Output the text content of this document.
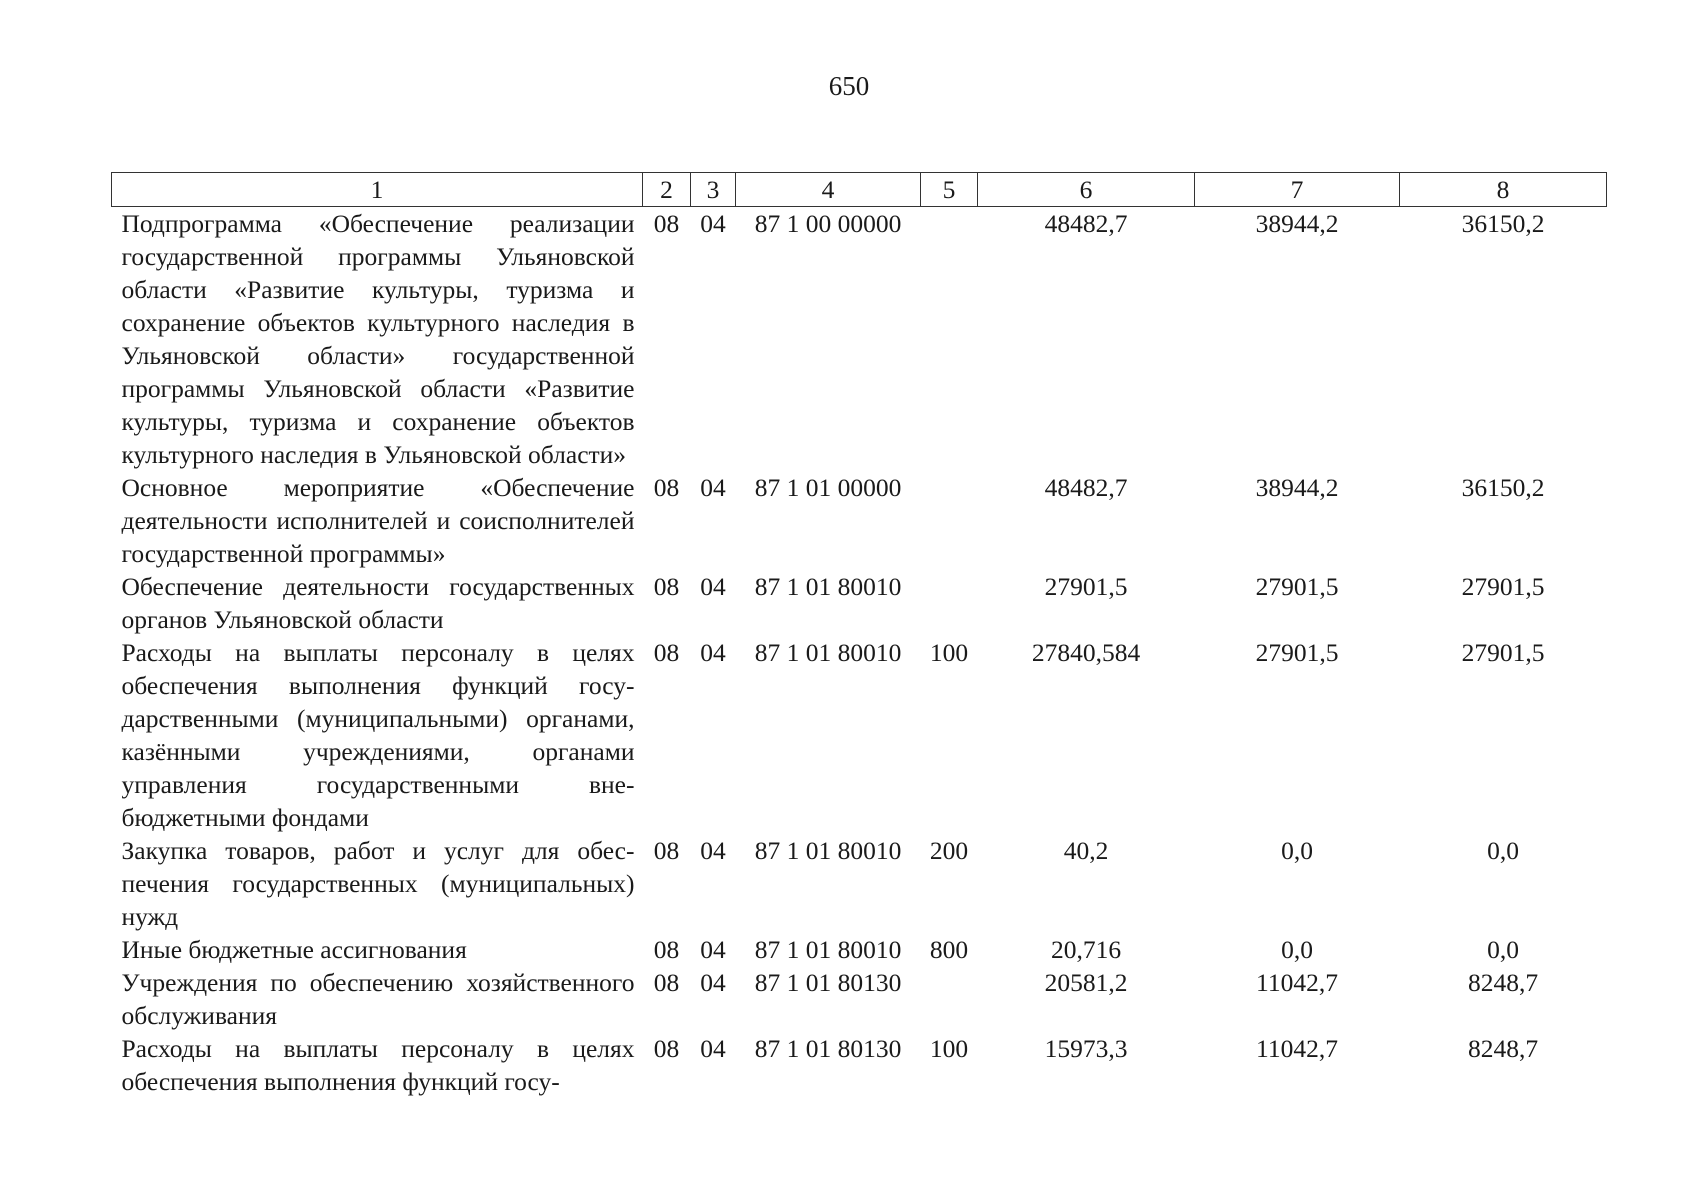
650
1	2	3	4	5	6	7	8
Подпрограмма «Обеспечение реализации государственной программы Ульяновской области «Развитие культуры, туризма и сохранение объектов культурного наследия в Ульяновской области» государственной программы Ульяновской области «Развитие культуры, туризма и сохранение объектов культурного наследия в Ульяновской области»	08	04	87 1 00 00000		48482,7	38944,2	36150,2
Основное мероприятие «Обеспечение деятельности исполнителей и соисполнителей государственной программы»	08	04	87 1 01 00000		48482,7	38944,2	36150,2
Обеспечение деятельности государственных органов Ульяновской области	08	04	87 1 01 80010		27901,5	27901,5	27901,5
Расходы на выплаты персоналу в целях обеспечения выполнения функций государственными (муниципальными) органами, казёнными учреждениями, органами управления государственными внебюджетными фондами	08	04	87 1 01 80010	100	27840,584	27901,5	27901,5
Закупка товаров, работ и услуг для обеспечения государственных (муниципальных) нужд	08	04	87 1 01 80010	200	40,2	0,0	0,0
Иные бюджетные ассигнования	08	04	87 1 01 80010	800	20,716	0,0	0,0
Учреждения по обеспечению хозяйственного обслуживания	08	04	87 1 01 80130		20581,2	11042,7	8248,7
Расходы на выплаты персоналу в целях обеспечения выполнения функций госу-	08	04	87 1 01 80130	100	15973,3	11042,7	8248,7
